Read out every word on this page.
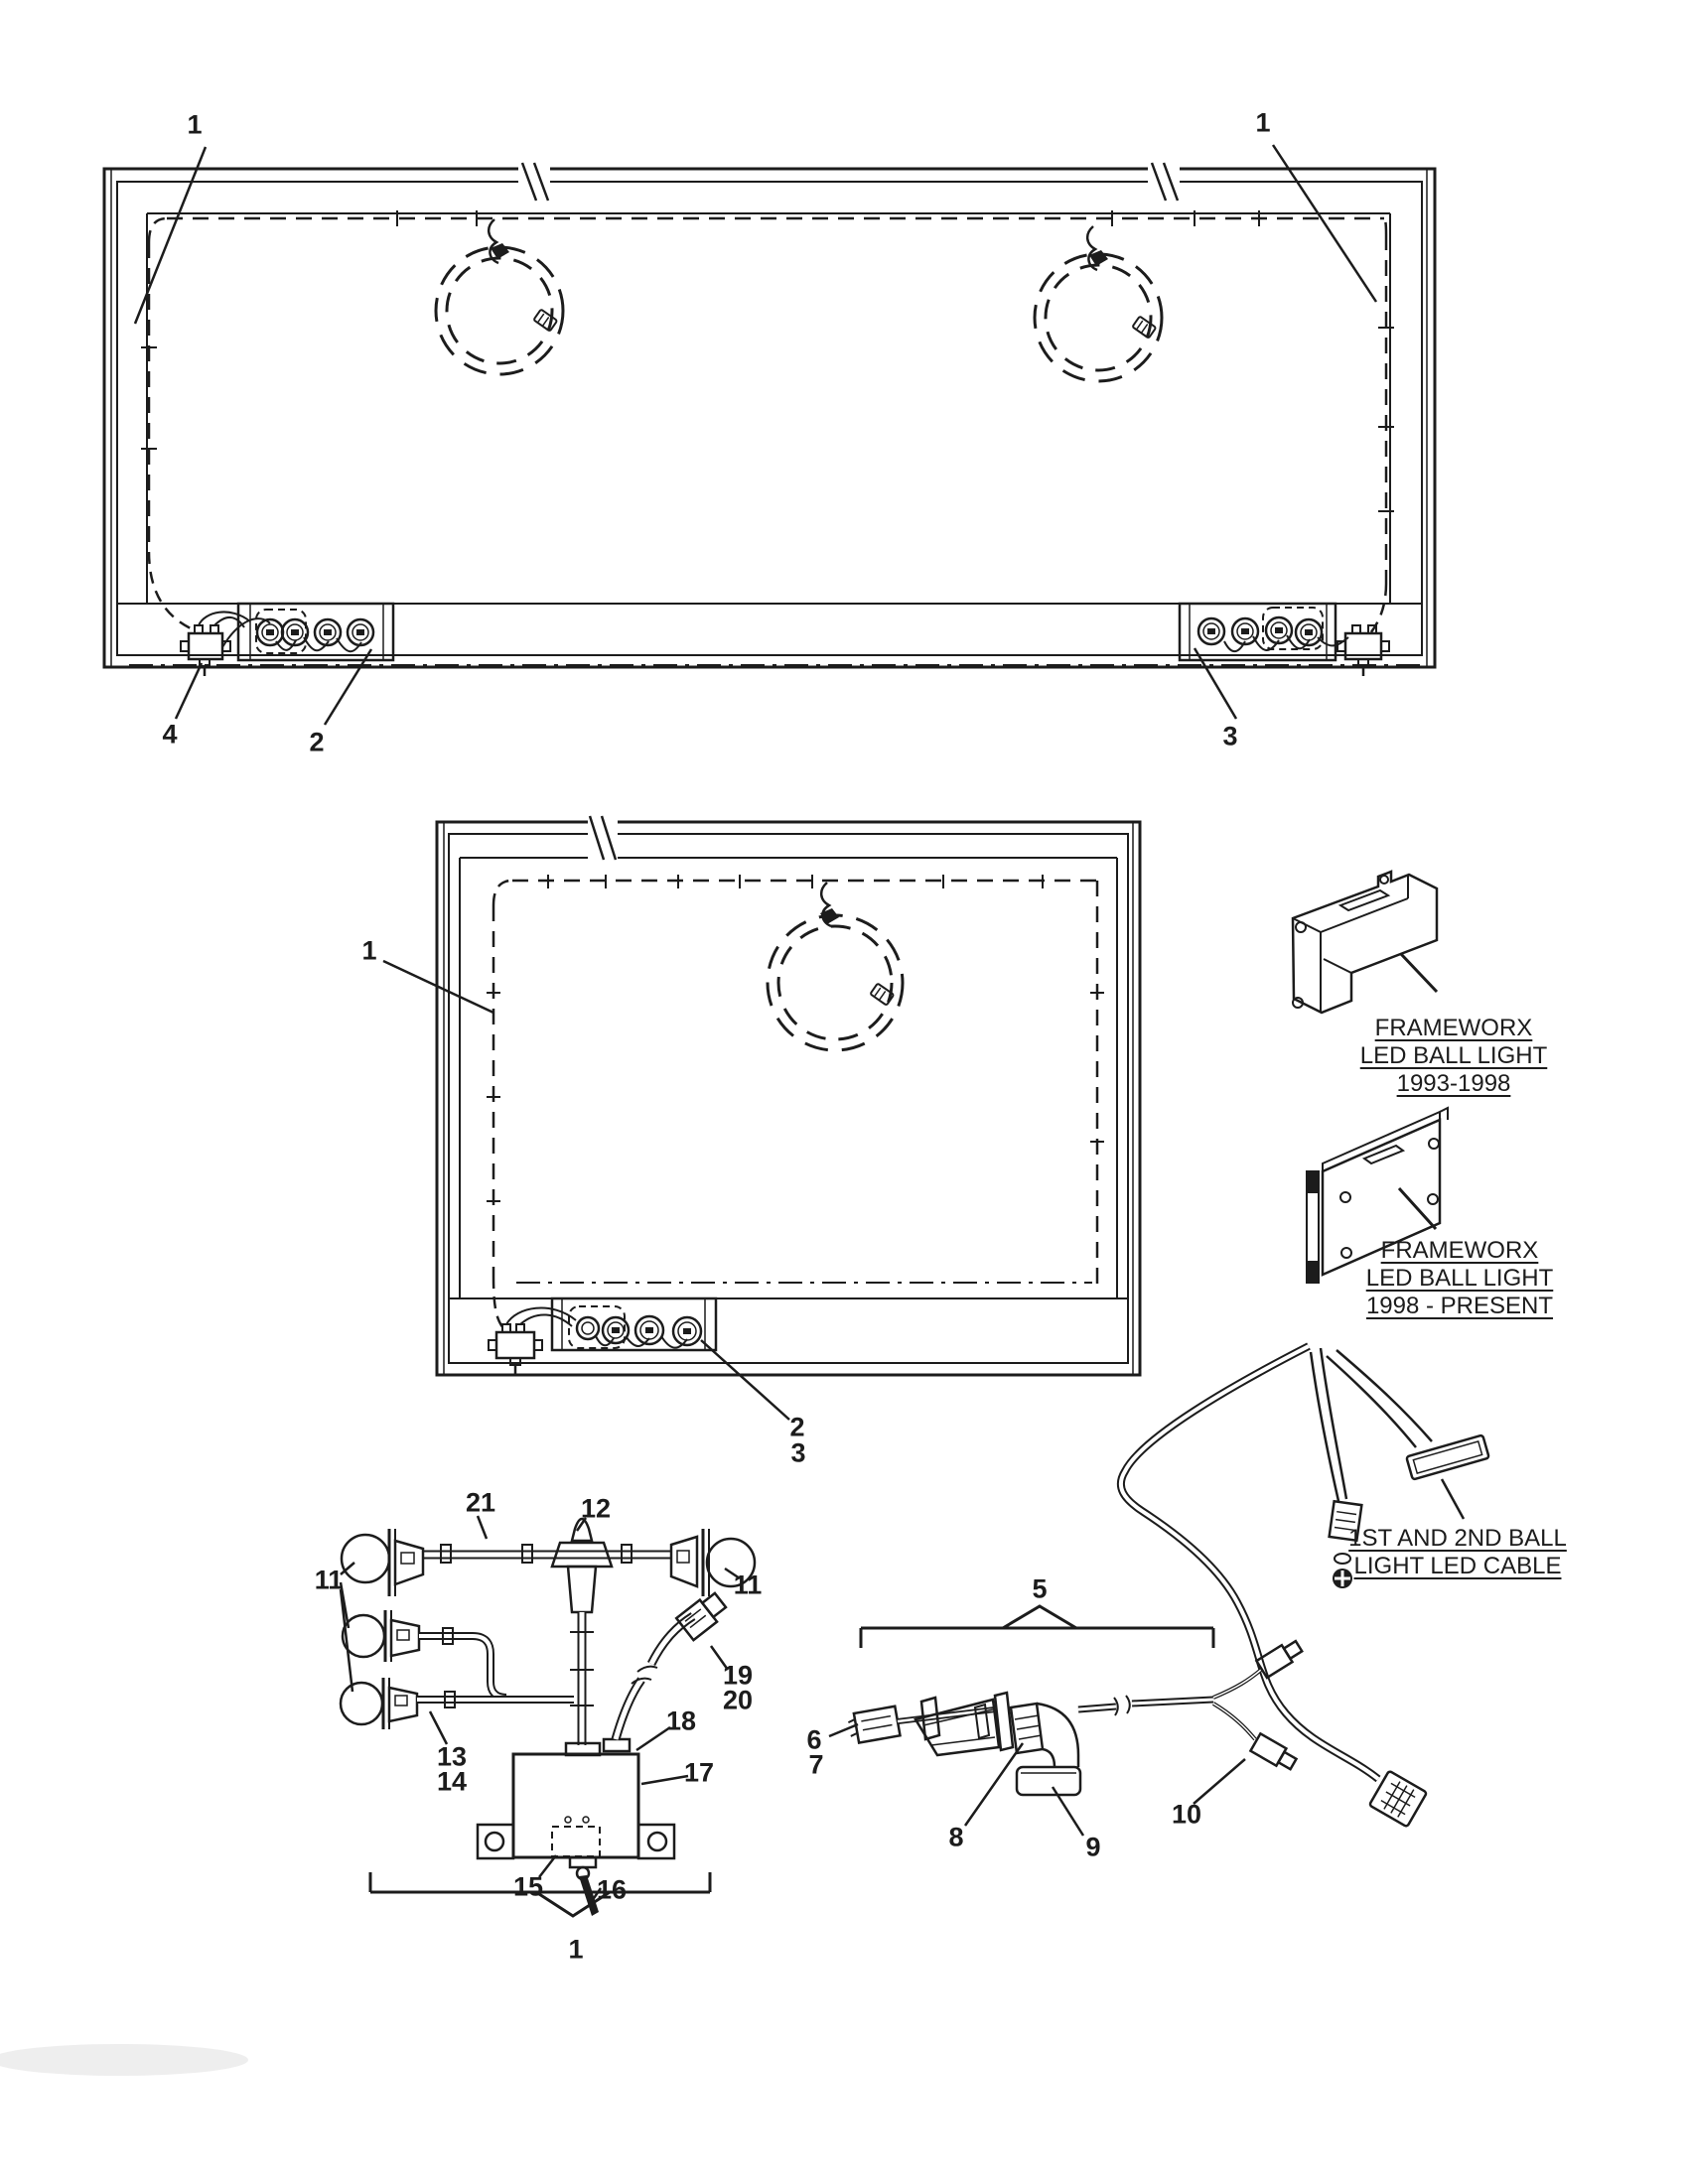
1	1
4	2	3
1
2
3
FRAMEWORX
LED BALL LIGHT
1993-1998
FRAMEWORX
LED BALL LIGHT
1998 - PRESENT
1ST AND 2ND BALL
LIGHT LED CABLE
21	12
11	11
19
20
13
14
18
17
15 16
1
5
6
7
8	9
10
